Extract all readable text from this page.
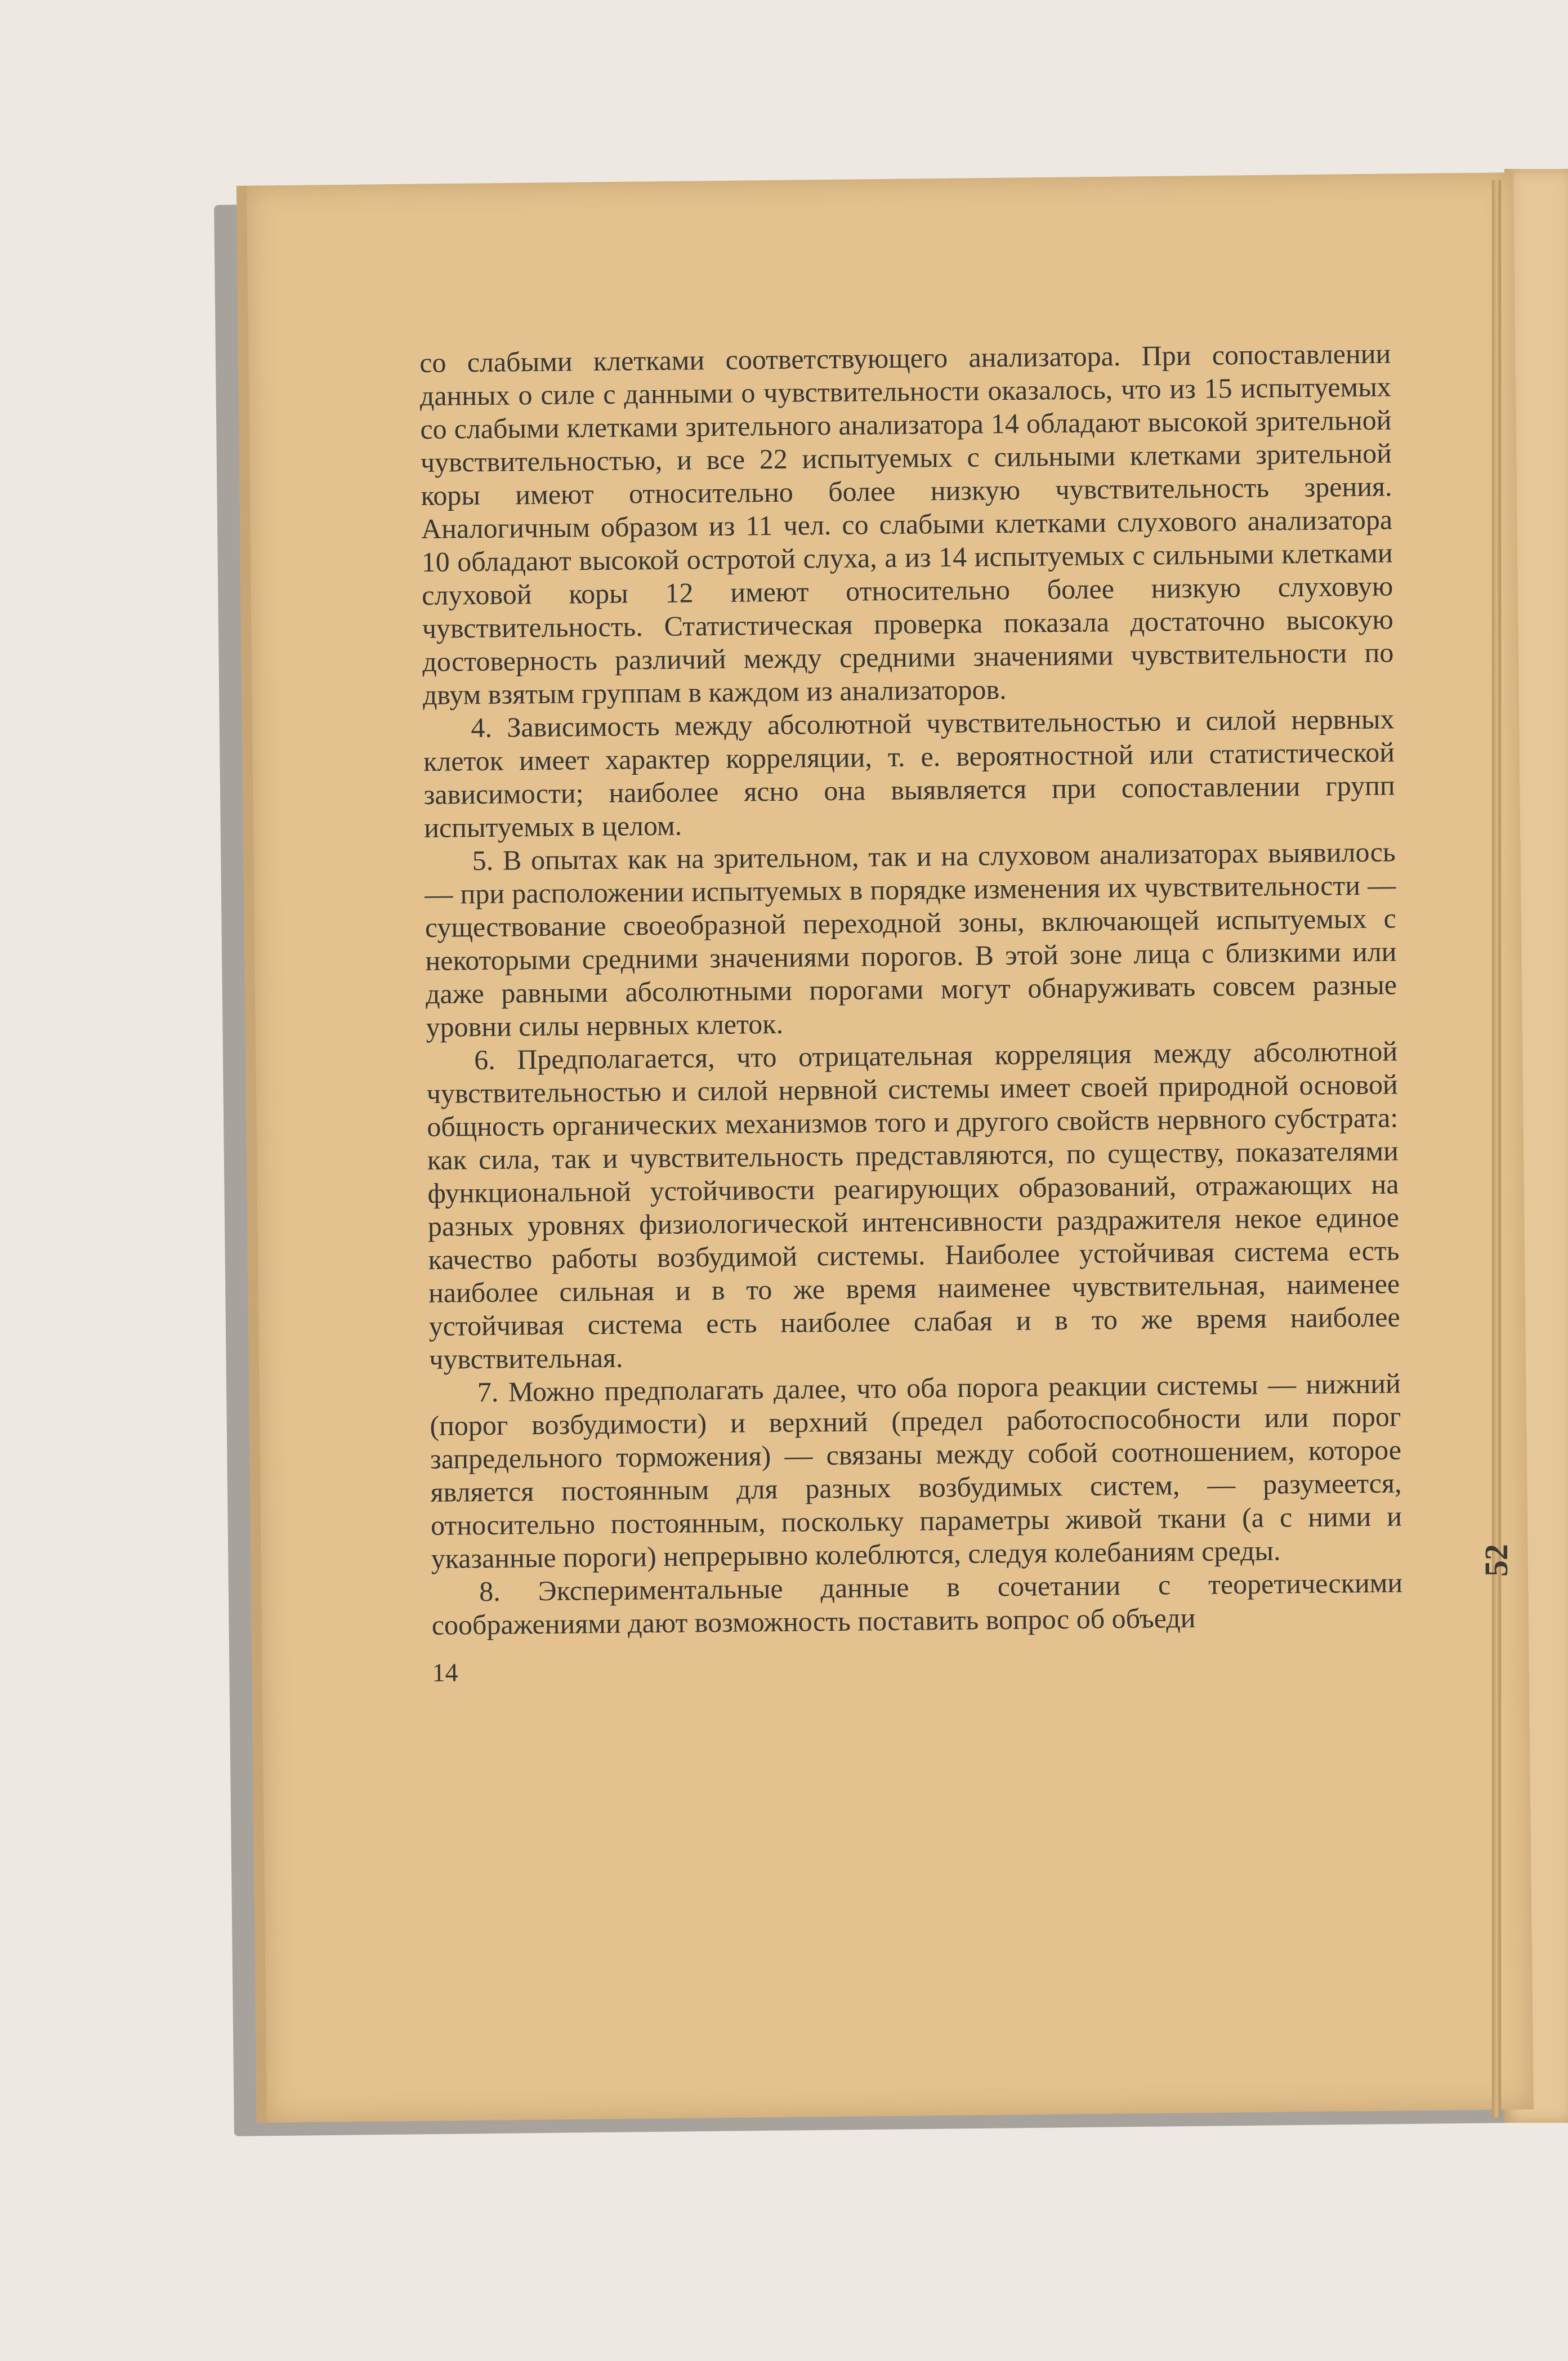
52

со слабыми клетками соответствующего анализатора. При сопоставлении данных о силе с данными о чувствительности оказалось, что из 15 испытуемых со слабыми клетками зрительного анализатора 14 обладают высокой зрительной чувствительностью, и все 22 испытуемых с сильными клетками зрительной коры имеют относительно более низкую чувствительность зрения. Аналогичным образом из 11 чел. со слабыми клетками слухового анализатора 10 обладают высокой остротой слуха, а из 14 испытуемых с сильными клетками слуховой коры 12 имеют относительно более низкую слуховую чувствительность. Статистическая проверка показала достаточно высокую достоверность различий между средними значениями чувствительности по двум взятым группам в каждом из анализаторов.

4. Зависимость между абсолютной чувствительностью и силой нервных клеток имеет характер корреляции, т. е. вероятностной или статистической зависимости; наиболее ясно она выявляется при сопоставлении групп испытуемых в целом.

5. В опытах как на зрительном, так и на слуховом анализаторах выявилось — при расположении испытуемых в порядке изменения их чувствительности — существование своеобразной переходной зоны, включающей испытуемых с некоторыми средними значениями порогов. В этой зоне лица с близкими или даже равными абсолютными порогами могут обнаруживать совсем разные уровни силы нервных клеток.

6. Предполагается, что отрицательная корреляция между абсолютной чувствительностью и силой нервной системы имеет своей природной основой общность органических механизмов того и другого свойств нервного субстрата: как сила, так и чувствительность представляются, по существу, показателями функциональной устойчивости реагирующих образований, отражающих на разных уровнях физиологической интенсивности раздражителя некое единое качество работы возбудимой системы. Наиболее устойчивая система есть наиболее сильная и в то же время наименее чувствительная, наименее устойчивая система есть наиболее слабая и в то же время наиболее чувствительная.

7. Можно предполагать далее, что оба порога реакции системы — нижний (порог возбудимости) и верхний (предел работоспособности или порог запредельного торможения) — связаны между собой соотношением, которое является постоянным для разных возбудимых систем, — разумеется, относительно постоянным, поскольку параметры живой ткани (а с ними и указанные пороги) непрерывно колеблются, следуя колебаниям среды.

8. Экспериментальные данные в сочетании с теоретическими соображениями дают возможность поставить вопрос об объеди

14
